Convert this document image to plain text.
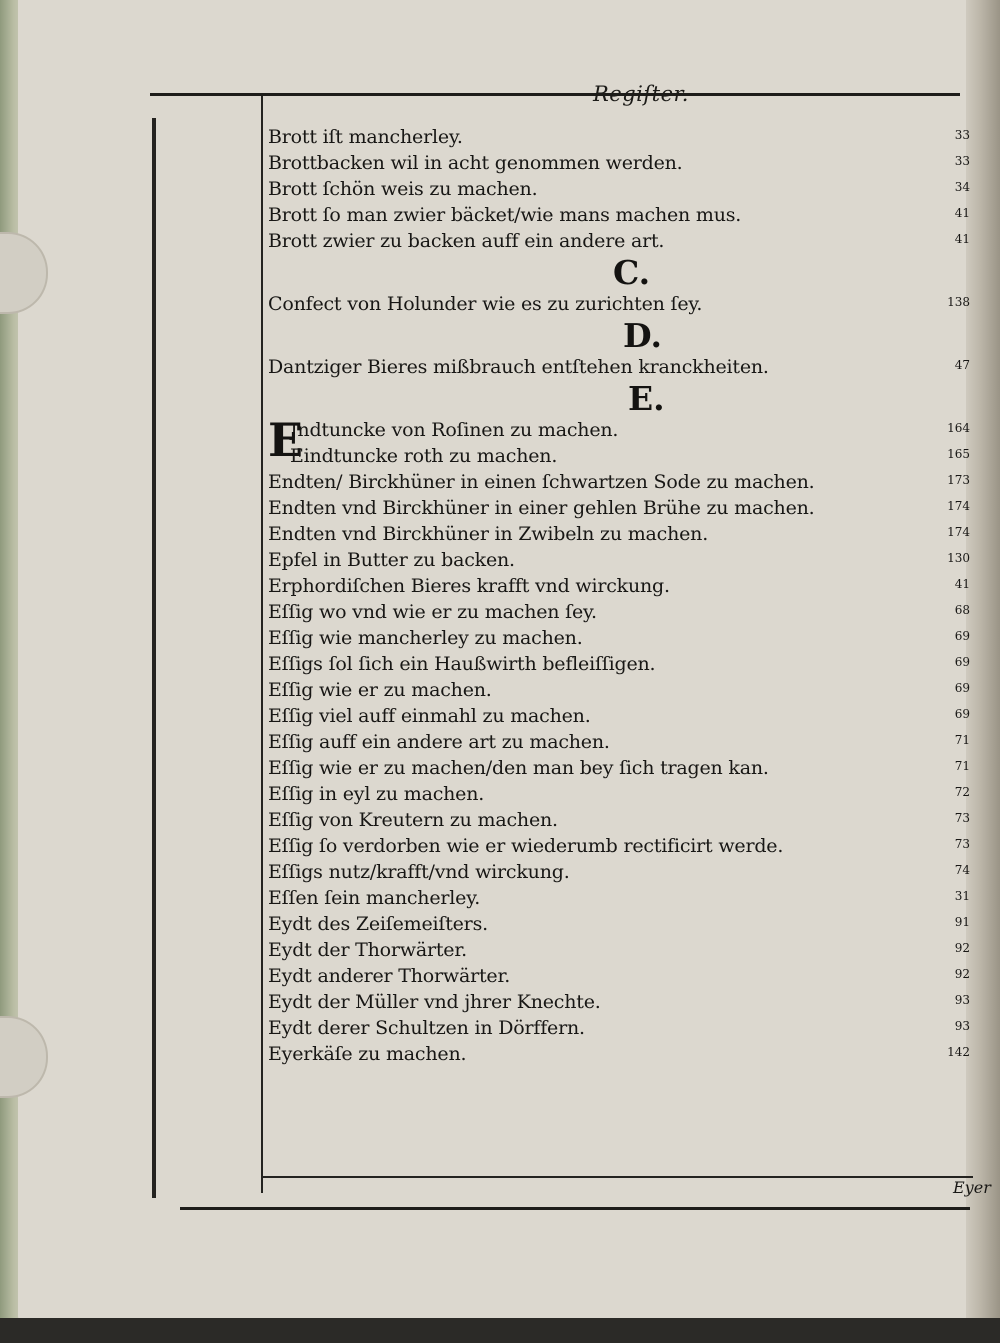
Regiſter.
Brott iſt mancherley.	33
Brottbacken wil in acht genommen werden.	33
Brott ſchön weis zu machen.	34
Brott ſo man zwier bäcket/wie mans machen mus.	41
Brott zwier zu backen auff ein andere art.	41
C.
Confect von Holunder wie es zu zurichten ſey.	138
D.
Dantziger Bieres mißbrauch entſtehen kranckheiten.	47
E.
Jndtuncke von Roſinen zu machen.	164
E
Eindtuncke roth zu machen.	165
Endten/ Birckhüner in einen ſchwartzen Sode zu machen.	173
Endten vnd Birckhüner in einer gehlen Brühe zu machen.	174
Endten vnd Birckhüner in Zwibeln zu machen.	174
Epfel in Butter zu backen.	130
Erphordiſchen Bieres krafft vnd wirckung.	41
Eſſig wo vnd wie er zu machen ſey.	68
Eſſig wie mancherley zu machen.	69
Eſſigs ſol ſich ein Haußwirth befleiſſigen.	69
Eſſig wie er zu machen.	69
Eſſig viel auff einmahl zu machen.	69
Eſſig auff ein andere art zu machen.	71
Eſſig wie er zu machen/den man bey ſich tragen kan.	71
Eſſig in eyl zu machen.	72
Eſſig von Kreutern zu machen.	73
Eſſig ſo verdorben wie er wiederumb rectificirt werde.	73
Eſſigs nutz/krafft/vnd wirckung.	74
Eſſen ſein mancherley.	31
Eydt des Zeiſemeiſters.	91
Eydt der Thorwärter.	92
Eydt anderer Thorwärter.	92
Eydt der Müller vnd jhrer Knechte.	93
Eydt derer Schultzen in Dörffern.	93
Eyerkäſe zu machen.	142
Eyer
